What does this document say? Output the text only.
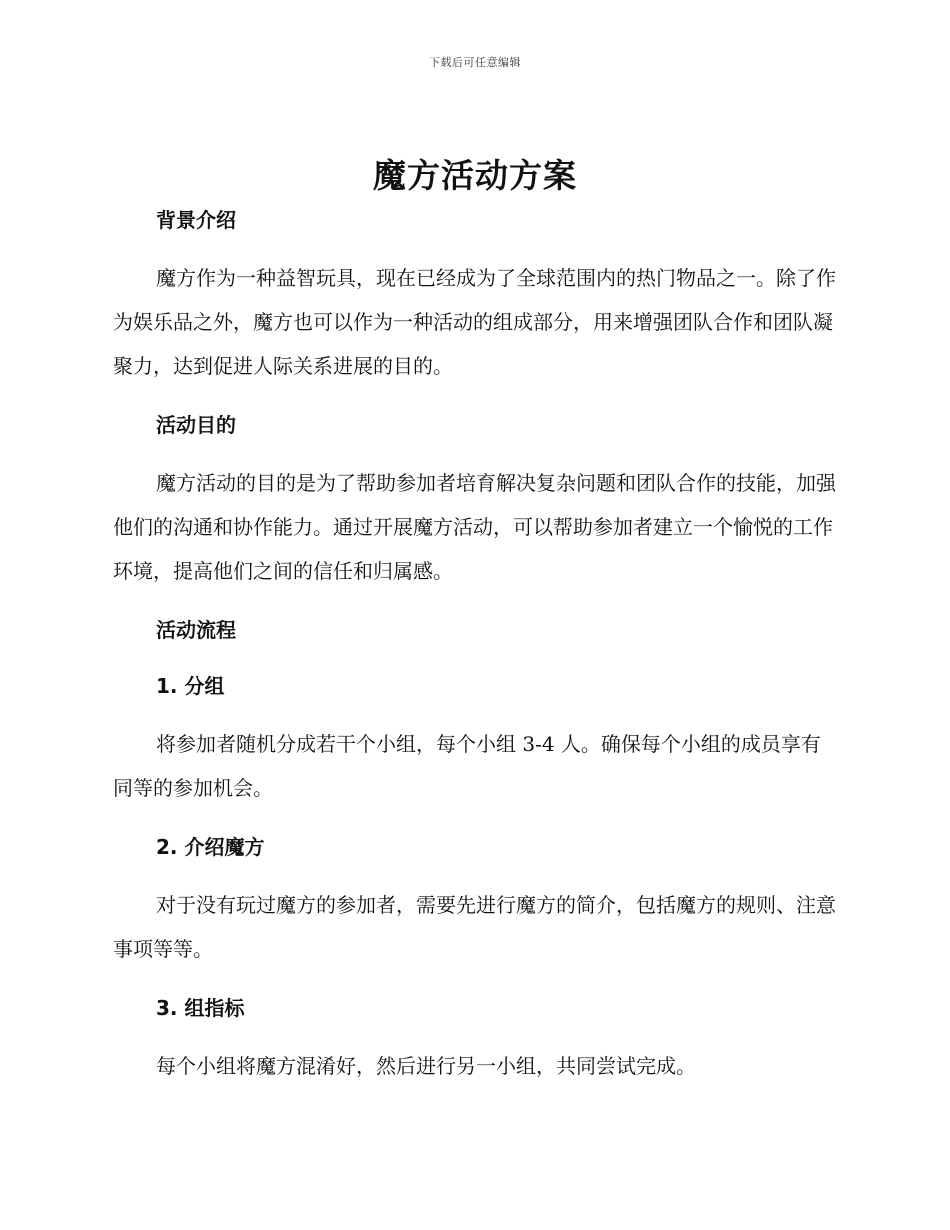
下载后可任意编辑
魔方活动方案
背景介绍

魔方作为一种益智玩具，现在已经成为了全球范围内的热门物品之一。除了作为娱乐品之外，魔方也可以作为一种活动的组成部分，用来增强团队合作和团队凝聚力，达到促进人际关系进展的目的。

活动目的

魔方活动的目的是为了帮助参加者培育解决复杂问题和团队合作的技能，加强他们的沟通和协作能力。通过开展魔方活动，可以帮助参加者建立一个愉悦的工作环境，提高他们之间的信任和归属感。

活动流程
1. 分组

将参加者随机分成若干个小组，每个小组 3-4 人。确保每个小组的成员享有同等的参加机会。

2. 介绍魔方

对于没有玩过魔方的参加者，需要先进行魔方的简介，包括魔方的规则、注意事项等等。

3. 组指标

每个小组将魔方混淆好，然后进行另一小组，共同尝试完成。
